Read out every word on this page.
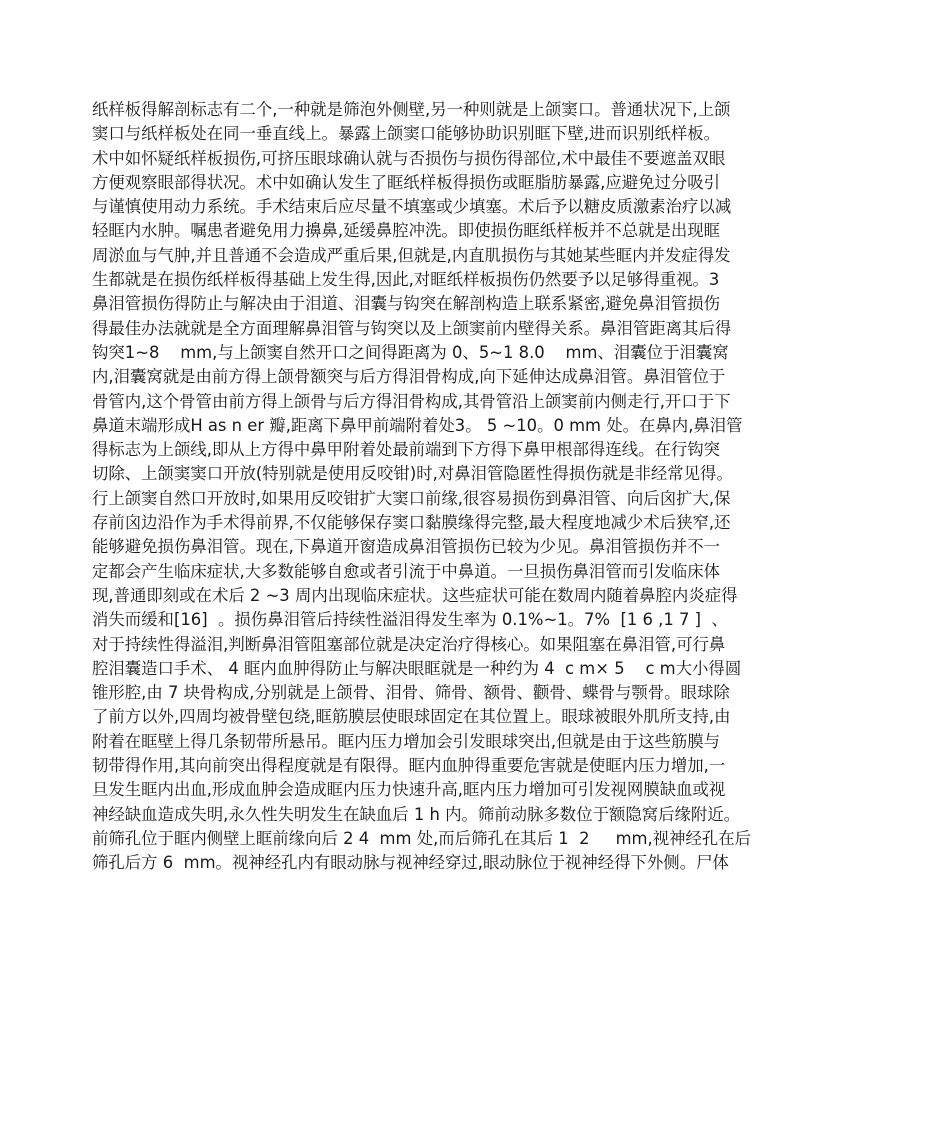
纸样板得解剖标志有二个,一种就是筛泡外侧壁,另一种则就是上颌窦口。普通状况下,上颌
窦口与纸样板处在同一垂直线上。暴露上颌窦口能够协助识别眶下壁,进而识别纸样板。
术中如怀疑纸样板损伤,可挤压眼球确认就与否损伤与损伤得部位,术中最佳不要遮盖双眼
方便观察眼部得状况。术中如确认发生了眶纸样板得损伤或眶脂肪暴露,应避免过分吸引
与谨慎使用动力系统。手术结束后应尽量不填塞或少填塞。术后予以糖皮质激素治疗以减
轻眶内水肿。嘱患者避免用力擤鼻,延缓鼻腔冲洗。即使损伤眶纸样板并不总就是出现眶
周淤血与气肿,并且普通不会造成严重后果,但就是,内直肌损伤与其她某些眶内并发症得发
生都就是在损伤纸样板得基础上发生得,因此,对眶纸样板损伤仍然要予以足够得重视。3
鼻泪管损伤得防止与解决由于泪道、泪囊与钩突在解剖构造上联系紧密,避免鼻泪管损伤
得最佳办法就就是全方面理解鼻泪管与钩突以及上颌窦前内壁得关系。鼻泪管距离其后得
钩突1~8    mm,与上颌窦自然开口之间得距离为 0、5~1 8.0    mm、泪囊位于泪囊窝
内,泪囊窝就是由前方得上颌骨额突与后方得泪骨构成,向下延伸达成鼻泪管。鼻泪管位于
骨管内,这个骨管由前方得上颌骨与后方得泪骨构成,其骨管沿上颌窦前内侧走行,开口于下
鼻道末端形成H as n er 瓣,距离下鼻甲前端附着处3。 5 ~10。0 mm 处。在鼻内,鼻泪管
得标志为上颌线,即从上方得中鼻甲附着处最前端到下方得下鼻甲根部得连线。在行钩突
切除、上颌窦窦口开放(特别就是使用反咬钳)时,对鼻泪管隐匿性得损伤就是非经常见得。
行上颌窦自然口开放时,如果用反咬钳扩大窦口前缘,很容易损伤到鼻泪管、向后囟扩大,保
存前囟边沿作为手术得前界,不仅能够保存窦口黏膜缘得完整,最大程度地减少术后狭窄,还
能够避免损伤鼻泪管。现在,下鼻道开窗造成鼻泪管损伤已较为少见。鼻泪管损伤并不一
定都会产生临床症状,大多数能够自愈或者引流于中鼻道。一旦损伤鼻泪管而引发临床体
现,普通即刻或在术后 2 ~3 周内出现临床症状。这些症状可能在数周内随着鼻腔内炎症得
消失而缓和[16]  。损伤鼻泪管后持续性溢泪得发生率为 0.1%~1。7%  [1 6 ,1 7 ]  、
对于持续性得溢泪,判断鼻泪管阻塞部位就是决定治疗得核心。如果阻塞在鼻泪管,可行鼻
腔泪囊造口手术、 4 眶内血肿得防止与解决眼眶就是一种约为 4  c m× 5    c m大小得圆
锥形腔,由 7 块骨构成,分别就是上颌骨、泪骨、筛骨、额骨、颧骨、蝶骨与颚骨。眼球除
了前方以外,四周均被骨壁包绕,眶筋膜层使眼球固定在其位置上。眼球被眼外肌所支持,由
附着在眶壁上得几条韧带所悬吊。眶内压力增加会引发眼球突出,但就是由于这些筋膜与
韧带得作用,其向前突出得程度就是有限得。眶内血肿得重要危害就是使眶内压力增加,一
旦发生眶内出血,形成血肿会造成眶内压力快速升高,眶内压力增加可引发视网膜缺血或视
神经缺血造成失明,永久性失明发生在缺血后 1 h 内。筛前动脉多数位于额隐窝后缘附近。
前筛孔位于眶内侧壁上眶前缘向后 2 4  mm 处,而后筛孔在其后 1  2     mm,视神经孔在后
筛孔后方 6  mm。视神经孔内有眼动脉与视神经穿过,眼动脉位于视神经得下外侧。尸体
